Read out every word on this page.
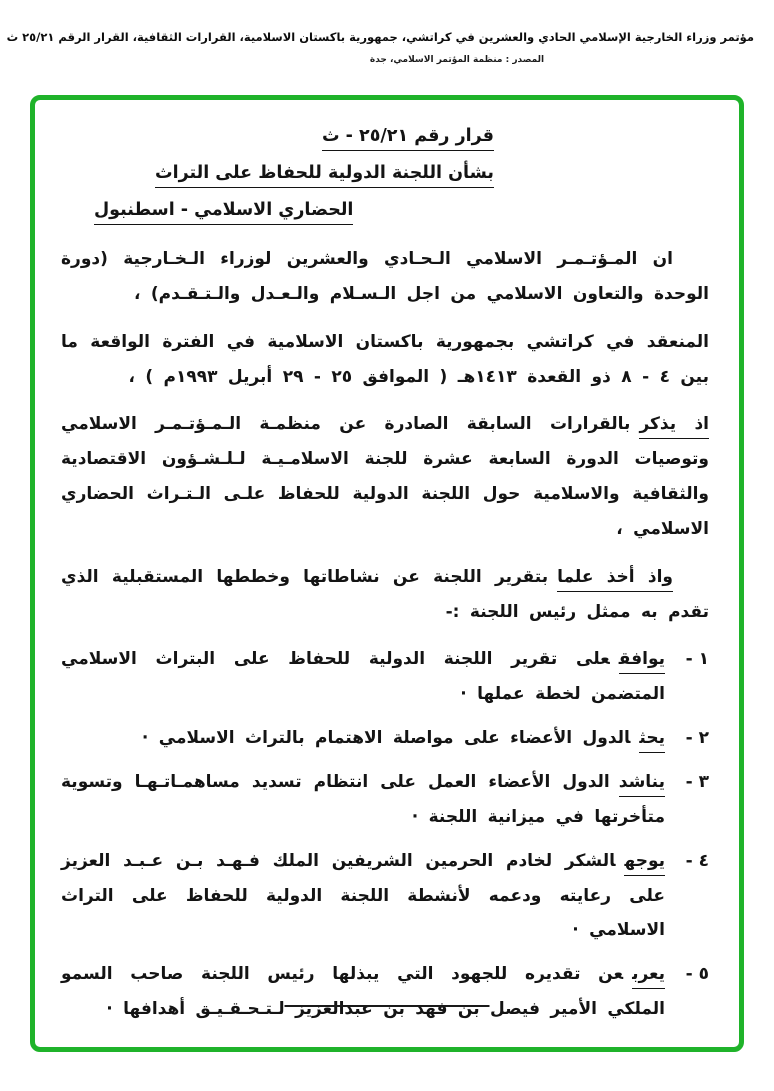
مؤتمر وزراء الخارجية الإسلامي الحادي والعشرين في كراتشي، جمهورية باكستان الاسلامية، القرارات الثقافية، القرار الرقم ٢٥/٢١ ث
المصدر : منظمة المؤتمر الاسلامي، جدة
قرار رقم ٢٥/٢١ - ث
بشأن اللجنة الدولية للحفاظ على التراث
الحضاري الاسلامي - اسطنبول

ان المـؤتـمـر الاسلامي الـحـادي والعشرين لوزراء الـخـارجية (دورة الوحدة والتعاون الاسلامي من اجل الـسـلام والـعـدل والـتـقـدم) ،

المنعقد في كراتشي بجمهورية باكستان الاسلامية في الفترة الواقعة ما بين ٤ - ٨ ذو القعدة ١٤١٣هـ ( الموافق ٢٥ - ٢٩ أبريل ١٩٩٣م ) ،

اذ يذكربالقرارات السابقة الصادرة عن منظمـة الـمـؤتـمـر الاسلامي وتوصيات الدورة السابعة عشرة للجنة الاسلامـيـة لـلـشـؤون الاقتصادية والثقافية والاسلامية حول اللجنة الدولية للحفاظ علـى الـتـراث الحضاري الاسلامي ،

واذ أخذ علمابتقرير اللجنة عن نشاطاتها وخططها المستقبلية الذي تقدم به ممثل رئيس اللجنة :-

١ -

يوافقعلى تقرير اللجنة الدولية للحفاظ على البتراث الاسلامي المتضمن لخطة عملها ·

٢ -

يحثالدول الأعضاء على مواصلة الاهتمام بالتراث الاسلامي ·

٣ -

يناشدالدول الأعضاء العمل على انتظام تسديد مساهمـاتـهـا وتسوية متأخرتها في ميزانية اللجنة ·

٤ -

يوجهالشكر لخادم الحرمين الشريفين الملك فـهـد بـن عـبـد العزيز على رعايته ودعمه لأنشطة اللجنة الدولية للحفاظ على التراث الاسلامي ·

٥ -

يعربعن تقديره للجهود التي يبذلها رئيس اللجنة صاحب السمو الملكي الأمير فيصل بن فهد بن عبدالعزيز لـتـحـقـيـق أهدافها ·
